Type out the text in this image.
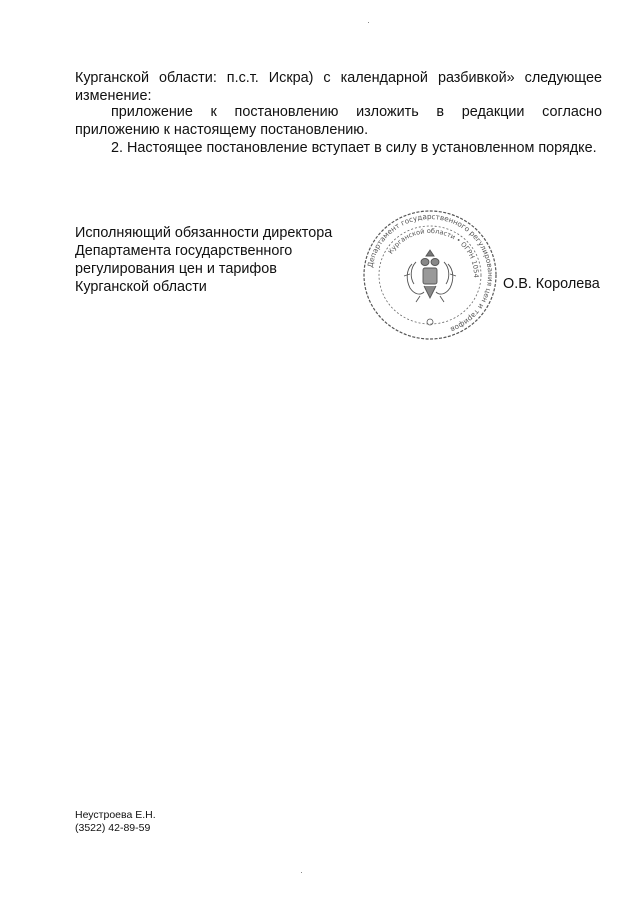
Курганской области: п.с.т. Искра) с календарной разбивкой» следующее изменение:

приложение к постановлению изложить в редакции согласно приложению к настоящему постановлению.

2. Настоящее постановление вступает в силу в установленном порядке.

Исполняющий обязанности директора
Департамента государственного
регулирования цен и тарифов
Курганской области
Департамент государственного регулирования цен и тарифов
Курганской области • ОГРН 1054
О.В. Королева
Неустроева Е.Н.
(3522) 42-89-59
